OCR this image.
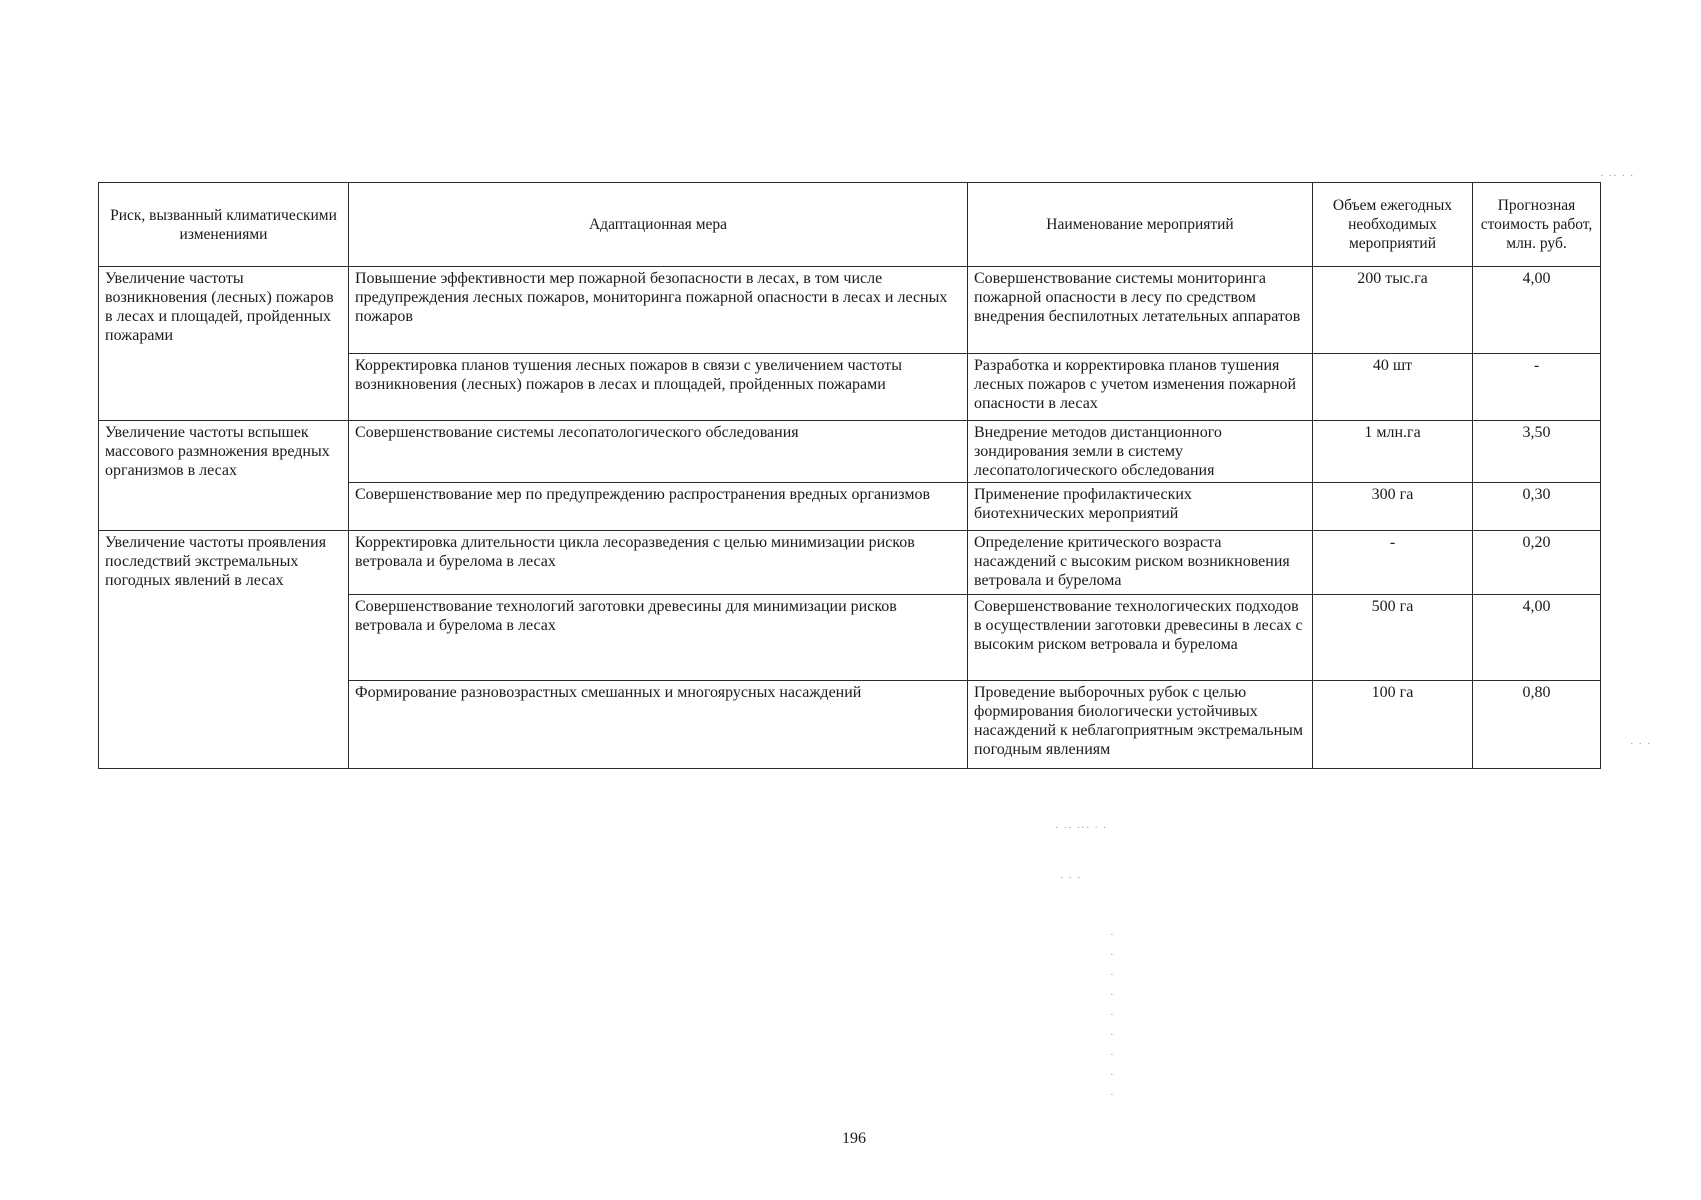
Риск, вызванный климатическими изменениями	Адаптационная мера	Наименование мероприятий	Объем ежегодных необходимых мероприятий	Прогнозная стоимость работ, млн. руб.
Увеличение частоты возникновения (лесных) пожаров в лесах и площадей, пройденных пожарами	Повышение эффективности мер пожарной безопасности в лесах, в том числе предупреждения лесных пожаров, мониторинга пожарной опасности в лесах и лесных пожаров	Совершенствование системы мониторинга пожарной опасности в лесу по средством внедрения беспилотных летательных аппаратов	200 тыс.га	4,00
	Корректировка планов тушения лесных пожаров в связи с увеличением частоты возникновения (лесных) пожаров в лесах и площадей, пройденных пожарами	Разработка и корректировка планов тушения лесных пожаров с учетом изменения пожарной опасности в лесах	40 шт	-
Увеличение частоты вспышек массового размножения вредных организмов в лесах	Совершенствование системы лесопатологического обследования	Внедрение методов дистанционного зондирования земли в систему лесопатологического обследования	1 млн.га	3,50
	Совершенствование мер по предупреждению распространения вредных организмов	Применение профилактических биотехнических мероприятий	300 га	0,30
Увеличение частоты проявления последствий экстремальных погодных явлений в лесах	Корректировка длительности цикла лесоразведения с целью минимизации рисков ветровала и бурелома в лесах	Определение критического возраста насаждений с высоким риском возникновения ветровала и бурелома	-	0,20
	Совершенствование технологий заготовки древесины для минимизации рисков ветровала и бурелома в лесах	Совершенствование технологических подходов в осуществлении заготовки древесины в лесах с высоким риском ветровала и бурелома	500 га	4,00
	Формирование разновозрастных смешанных и многоярусных насаждений	Проведение выборочных рубок с целью формирования биологически устойчивых насаждений к неблагоприятным экстремальным погодным явлениям	100 га	0,80
· ·· · ·
· · ·
· ·· ··· · ·
· · ·
·
·
·
·
·
·
·
·
·
196
